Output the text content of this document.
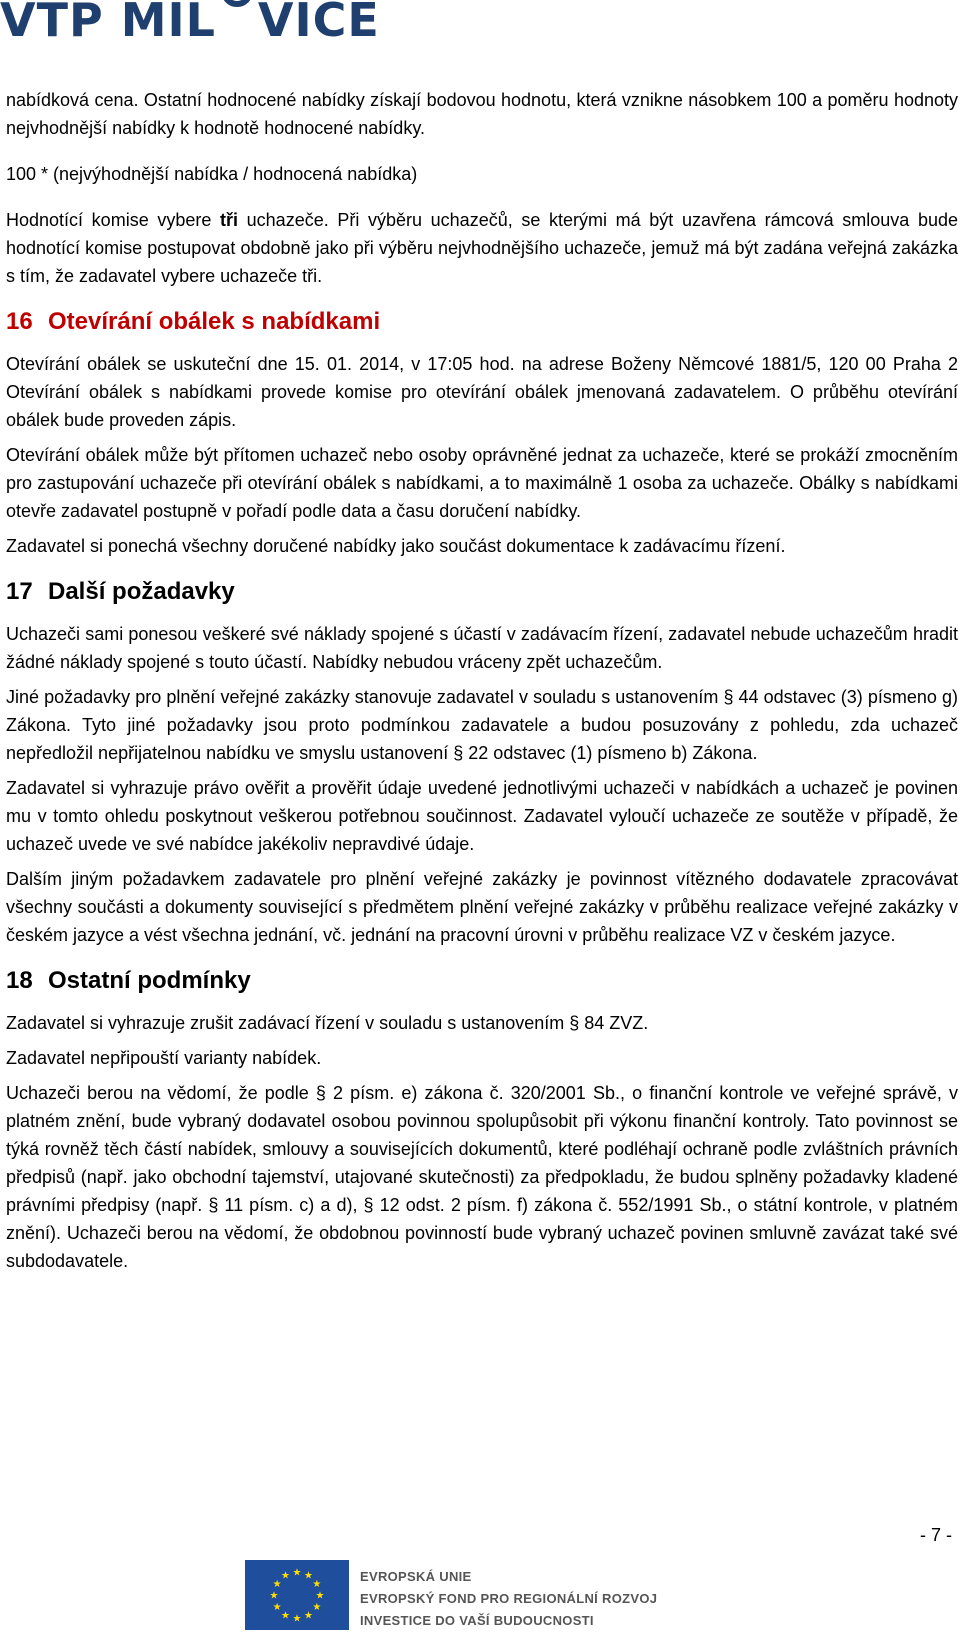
VTP MIL VICE

nabídková cena. Ostatní hodnocené nabídky získají bodovou hodnotu, která vznikne násobkem 100 a poměru hodnoty nejvhodnější nabídky k hodnotě hodnocené nabídky.

100 * (nejvýhodnější nabídka / hodnocená nabídka)

Hodnotící komise vybere tři uchazeče. Při výběru uchazečů, se kterými má být uzavřena rámcová smlouva bude hodnotící komise postupovat obdobně jako při výběru nejvhodnějšího uchazeče, jemuž má být zadána veřejná zakázka s tím, že zadavatel vybere uchazeče tři.

16 Otevírání obálek s nabídkami

Otevírání obálek se uskuteční dne 15. 01. 2014, v 17:05 hod. na adrese Boženy Němcové 1881/5, 120 00 Praha 2 Otevírání obálek s nabídkami provede komise pro otevírání obálek jmenovaná zadavatelem. O průběhu otevírání obálek bude proveden zápis.

Otevírání obálek může být přítomen uchazeč nebo osoby oprávněné jednat za uchazeče, které se prokáží zmocněním pro zastupování uchazeče při otevírání obálek s nabídkami, a to maximálně 1 osoba za uchazeče. Obálky s nabídkami otevře zadavatel postupně v pořadí podle data a času doručení nabídky.

Zadavatel si ponechá všechny doručené nabídky jako součást dokumentace k zadávacímu řízení.

17 Další požadavky

Uchazeči sami ponesou veškeré své náklady spojené s účastí v zadávacím řízení, zadavatel nebude uchazečům hradit žádné náklady spojené s touto účastí. Nabídky nebudou vráceny zpět uchazečům.

Jiné požadavky pro plnění veřejné zakázky stanovuje zadavatel v souladu s ustanovením § 44 odstavec (3) písmeno g) Zákona. Tyto jiné požadavky jsou proto podmínkou zadavatele a budou posuzovány z pohledu, zda uchazeč nepředložil nepřijatelnou nabídku ve smyslu ustanovení § 22 odstavec (1) písmeno b) Zákona.

Zadavatel si vyhrazuje právo ověřit a prověřit údaje uvedené jednotlivými uchazeči v nabídkách a uchazeč je povinen mu v tomto ohledu poskytnout veškerou potřebnou součinnost. Zadavatel vyloučí uchazeče ze soutěže v případě, že uchazeč uvede ve své nabídce jakékoliv nepravdivé údaje.

Dalším jiným požadavkem zadavatele pro plnění veřejné zakázky je povinnost vítězného dodavatele zpracovávat všechny součásti a dokumenty související s předmětem plnění veřejné zakázky v průběhu realizace veřejné zakázky v českém jazyce a vést všechna jednání, vč. jednání na pracovní úrovni v průběhu realizace VZ v českém jazyce.

18 Ostatní podmínky

Zadavatel si vyhrazuje zrušit zadávací řízení v souladu s ustanovením § 84 ZVZ.

Zadavatel nepřipouští varianty nabídek.

Uchazeči berou na vědomí, že podle § 2 písm. e) zákona č. 320/2001 Sb., o finanční kontrole ve veřejné správě, v platném znění, bude vybraný dodavatel osobou povinnou spolupůsobit při výkonu finanční kontroly. Tato povinnost se týká rovněž těch částí nabídek, smlouvy a souvisejících dokumentů, které podléhají ochraně podle zvláštních právních předpisů (např. jako obchodní tajemství, utajované skutečnosti) za předpokladu, že budou splněny požadavky kladené právními předpisy (např. § 11 písm. c) a d), § 12 odst. 2 písm. f) zákona č. 552/1991 Sb., o státní kontrole, v platném znění). Uchazeči berou na vědomí, že obdobnou povinností bude vybraný uchazeč povinen smluvně zavázat také své subdodavatele.

- 7 -
★
★
★
★
★
★
★
★
★ ★ ★
★
EVROPSKÁ UNIE
EVROPSKÝ FOND PRO REGIONÁLNÍ ROZVOJ
INVESTICE DO VAŠÍ BUDOUCNOSTI
